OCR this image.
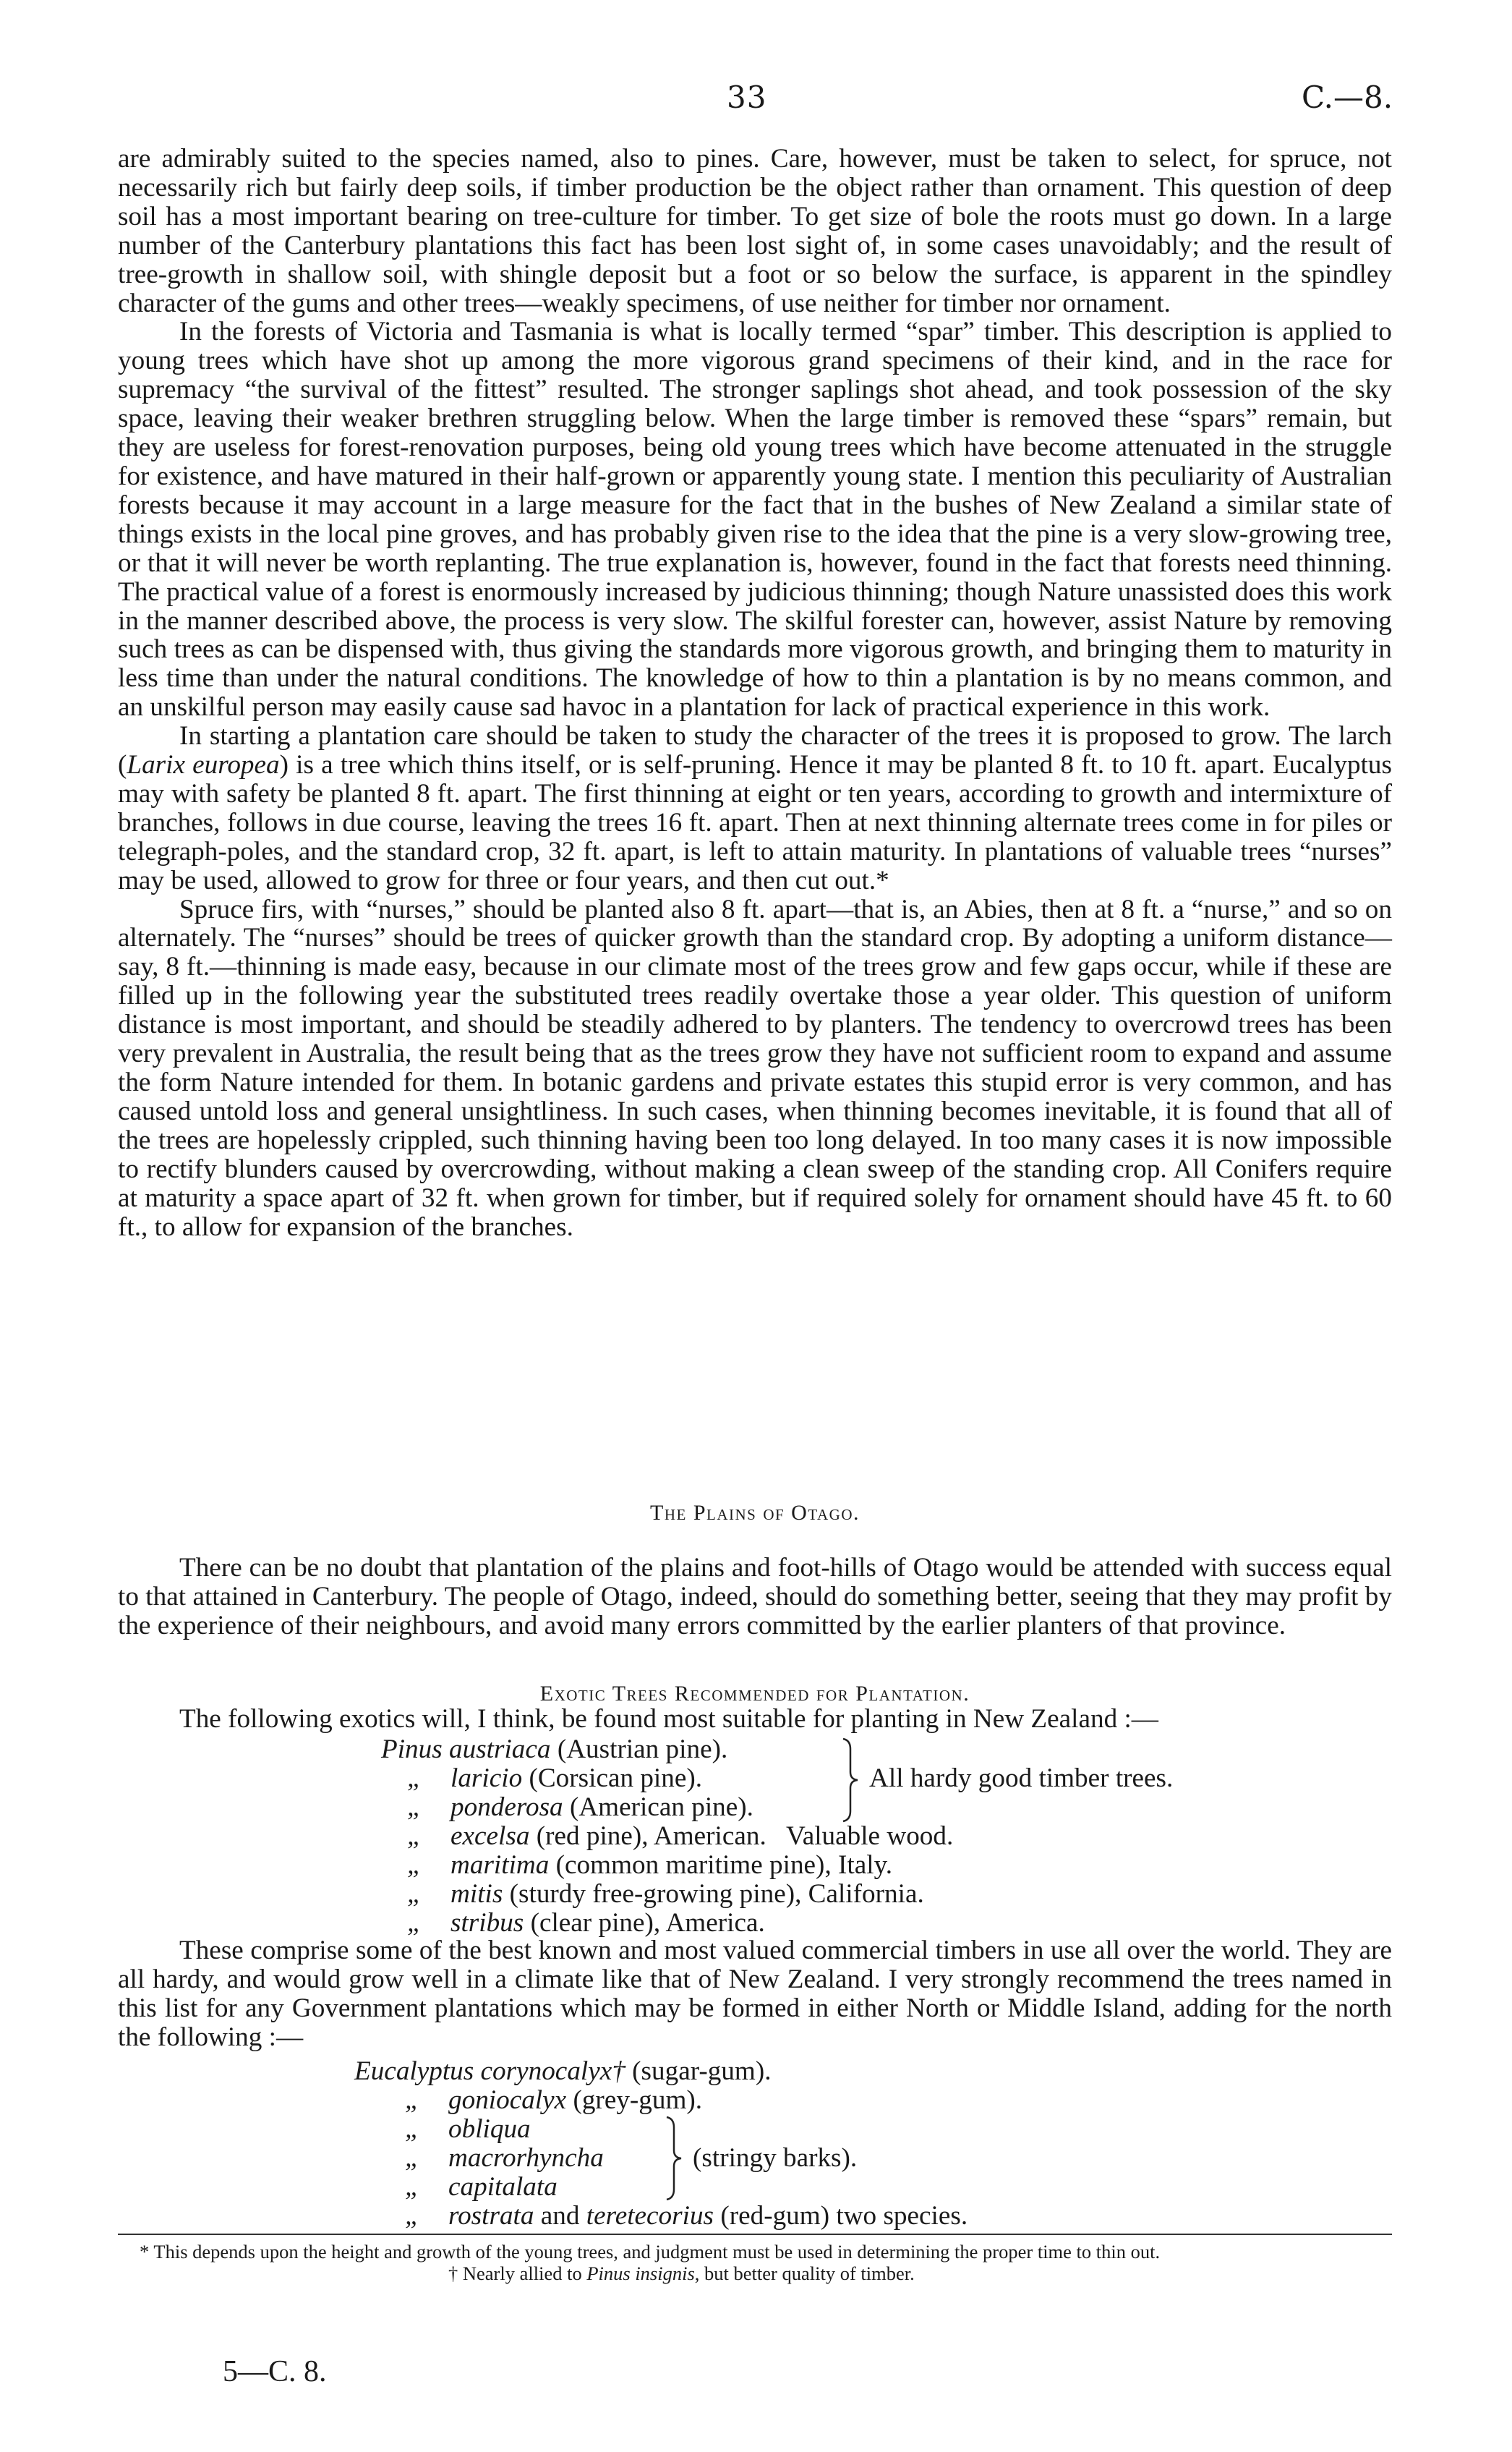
33	C.—8.

are admirably suited to the species named, also to pines. Care, however, must be taken to select, for spruce, not necessarily rich but fairly deep soils, if timber production be the object rather than ornament. This question of deep soil has a most important bearing on tree-culture for timber. To get size of bole the roots must go down. In a large number of the Canterbury plantations this fact has been lost sight of, in some cases unavoidably; and the result of tree-growth in shallow soil, with shingle deposit but a foot or so below the surface, is apparent in the spindley character of the gums and other trees—weakly specimens, of use neither for timber nor ornament.

In the forests of Victoria and Tasmania is what is locally termed “spar” timber. This description is applied to young trees which have shot up among the more vigorous grand specimens of their kind, and in the race for supremacy “the survival of the fittest” resulted. The stronger saplings shot ahead, and took possession of the sky space, leaving their weaker brethren struggling below. When the large timber is removed these “spars” remain, but they are useless for forest-renovation purposes, being old young trees which have become attenuated in the struggle for existence, and have matured in their half-grown or apparently young state. I mention this peculiarity of Australian forests because it may account in a large measure for the fact that in the bushes of New Zealand a similar state of things exists in the local pine groves, and has probably given rise to the idea that the pine is a very slow-growing tree, or that it will never be worth replanting. The true explanation is, however, found in the fact that forests need thinning. The practical value of a forest is enormously increased by judicious thinning; though Nature unassisted does this work in the manner described above, the process is very slow. The skilful forester can, however, assist Nature by removing such trees as can be dispensed with, thus giving the standards more vigorous growth, and bringing them to maturity in less time than under the natural conditions. The knowledge of how to thin a plantation is by no means common, and an unskilful person may easily cause sad havoc in a plantation for lack of practical experience in this work.

In starting a plantation care should be taken to study the character of the trees it is proposed to grow. The larch (Larix europea) is a tree which thins itself, or is self-pruning. Hence it may be planted 8 ft. to 10 ft. apart. Eucalyptus may with safety be planted 8 ft. apart. The first thinning at eight or ten years, according to growth and intermixture of branches, follows in due course, leaving the trees 16 ft. apart. Then at next thinning alternate trees come in for piles or telegraph-poles, and the standard crop, 32 ft. apart, is left to attain maturity. In plantations of valuable trees “nurses” may be used, allowed to grow for three or four years, and then cut out.*

Spruce firs, with “nurses,” should be planted also 8 ft. apart—that is, an Abies, then at 8 ft. a “nurse,” and so on alternately. The “nurses” should be trees of quicker growth than the standard crop. By adopting a uniform distance—say, 8 ft.—thinning is made easy, because in our climate most of the trees grow and few gaps occur, while if these are filled up in the following year the substituted trees readily overtake those a year older. This question of uniform distance is most important, and should be steadily adhered to by planters. The tendency to overcrowd trees has been very prevalent in Australia, the result being that as the trees grow they have not sufficient room to expand and assume the form Nature intended for them. In botanic gardens and private estates this stupid error is very common, and has caused untold loss and general unsightliness. In such cases, when thinning becomes inevitable, it is found that all of the trees are hopelessly crippled, such thinning having been too long delayed. In too many cases it is now impossible to rectify blunders caused by overcrowding, without making a clean sweep of the standing crop. All Conifers require at maturity a space apart of 32 ft. when grown for timber, but if required solely for ornament should have 45 ft. to 60 ft., to allow for expansion of the branches.

The Plains of Otago.

There can be no doubt that plantation of the plains and foot-hills of Otago would be attended with success equal to that attained in Canterbury. The people of Otago, indeed, should do something better, seeing that they may profit by the experience of their neighbours, and avoid many errors committed by the earlier planters of that province.

Exotic Trees Recommended for Plantation.
The following exotics will, I think, be found most suitable for planting in New Zealand :—
Pinus austriaca (Austrian pine).
„ laricio (Corsican pine).
„ ponderosa (American pine).
All hardy good timber trees.
„ excelsa (red pine), American.   Valuable wood.
„ maritima (common maritime pine), Italy.
„ mitis (sturdy free-growing pine), California.
„ stribus (clear pine), America.

These comprise some of the best known and most valued commercial timbers in use all over the world. They are all hardy, and would grow well in a climate like that of New Zealand. I very strongly recommend the trees named in this list for any Government plantations which may be formed in either North or Middle Island, adding for the north the following :—

Eucalyptus corynocalyx† (sugar-gum).
„ goniocalyx (grey-gum).
„ obliqua
„ macrorhyncha
„ capitalata
(stringy barks).
„ rostrata and teretecorius (red-gum) two species.
* This depends upon the height and growth of the young trees, and judgment must be used in determining the proper time to thin out.
† Nearly allied to Pinus insignis, but better quality of timber.
5—C. 8.
